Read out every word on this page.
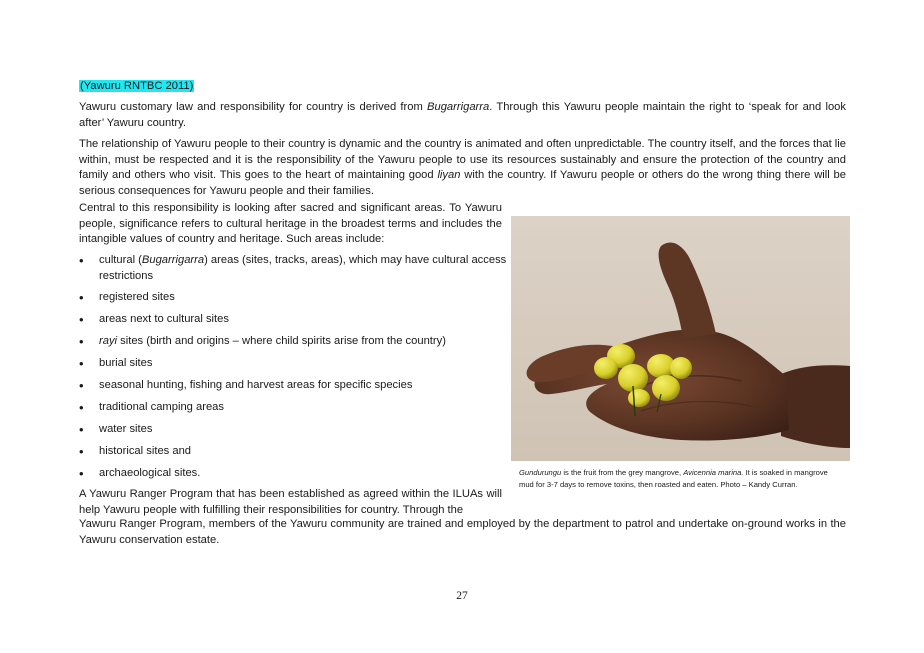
(Yawuru RNTBC 2011)

Yawuru customary law and responsibility for country is derived from Bugarrigarra. Through this Yawuru people maintain the right to ‘speak for and look after’ Yawuru country.

The relationship of Yawuru people to their country is dynamic and the country is animated and often unpredictable. The country itself, and the forces that lie within, must be respected and it is the responsibility of the Yawuru people to use its resources sustainably and ensure the protection of the country and family and others who visit. This goes to the heart of maintaining good liyan with the country. If Yawuru people or others do the wrong thing there will be serious consequences for Yawuru people and their families.

Central to this responsibility is looking after sacred and significant areas. To Yawuru people, significance refers to cultural heritage in the broadest terms and includes the intangible values of country and heritage. Such areas include:

• cultural (Bugarrigarra) areas (sites, tracks, areas), which may have cultural access restrictions
• registered sites
• areas next to cultural sites
• rayi sites (birth and origins – where child spirits arise from the country)
• burial sites
• seasonal hunting, fishing and harvest areas for specific species
• traditional camping areas
• water sites
• historical sites and
• archaeological sites.

A Yawuru Ranger Program that has been established as agreed within the ILUAs will help Yawuru people with fulfilling their responsibilities for country. Through the

Yawuru Ranger Program, members of the Yawuru community are trained and employed by the department to patrol and undertake on-ground works in the Yawuru conservation estate.

Gundurungu is the fruit from the grey mangrove, Avicennia marina. It is soaked in mangrove mud for 3-7 days to remove toxins, then roasted and eaten. Photo – Kandy Curran.
27
